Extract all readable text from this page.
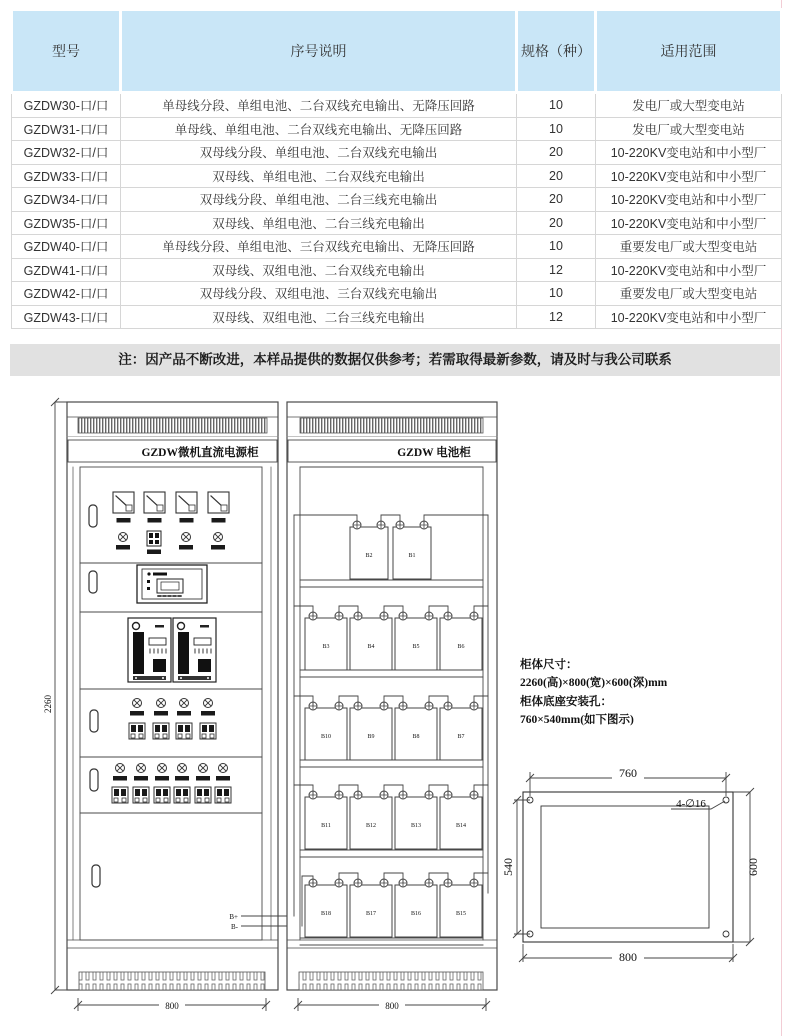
型号	序号说明	规格（种）	适用范围
GZDW30-口/口	单母线分段、单组电池、二台双线充电输出、无降压回路	10	发电厂或大型变电站
GZDW31-口/口	单母线、单组电池、二台双线充电输出、无降压回路	10	发电厂或大型变电站
GZDW32-口/口	双母线分段、单组电池、二台双线充电输出	20	10-220KV变电站和中小型厂
GZDW33-口/口	双母线、单组电池、二台双线充电输出	20	10-220KV变电站和中小型厂
GZDW34-口/口	双母线分段、单组电池、二台三线充电输出	20	10-220KV变电站和中小型厂
GZDW35-口/口	双母线、单组电池、二台三线充电输出	20	10-220KV变电站和中小型厂
GZDW40-口/口	单母线分段、单组电池、三台双线充电输出、无降压回路	10	重要发电厂或大型变电站
GZDW41-口/口	双母线、双组电池、二台双线充电输出	12	10-220KV变电站和中小型厂
GZDW42-口/口	双母线分段、双组电池、三台双线充电输出	10	重要发电厂或大型变电站
GZDW43-口/口	双母线、双组电池、二台三线充电输出	12	10-220KV变电站和中小型厂
注：因产品不断改进，本样品提供的数据仅供参考；若需取得最新参数，请及时与我公司联系
2260
GZDW微机直流电源柜
B+
B-
GZDW 电池柜
B2	B1
B3	B4	B5	B6
B10	B9	B8	B7
B11	B12	B13	B14
B18	B17	B16	B15
800	800
760
540	600
800
4-∅16
柜体尺寸：
2260(高)×800(宽)×600(深)mm
柜体底座安装孔：
760×540mm(如下图示)
